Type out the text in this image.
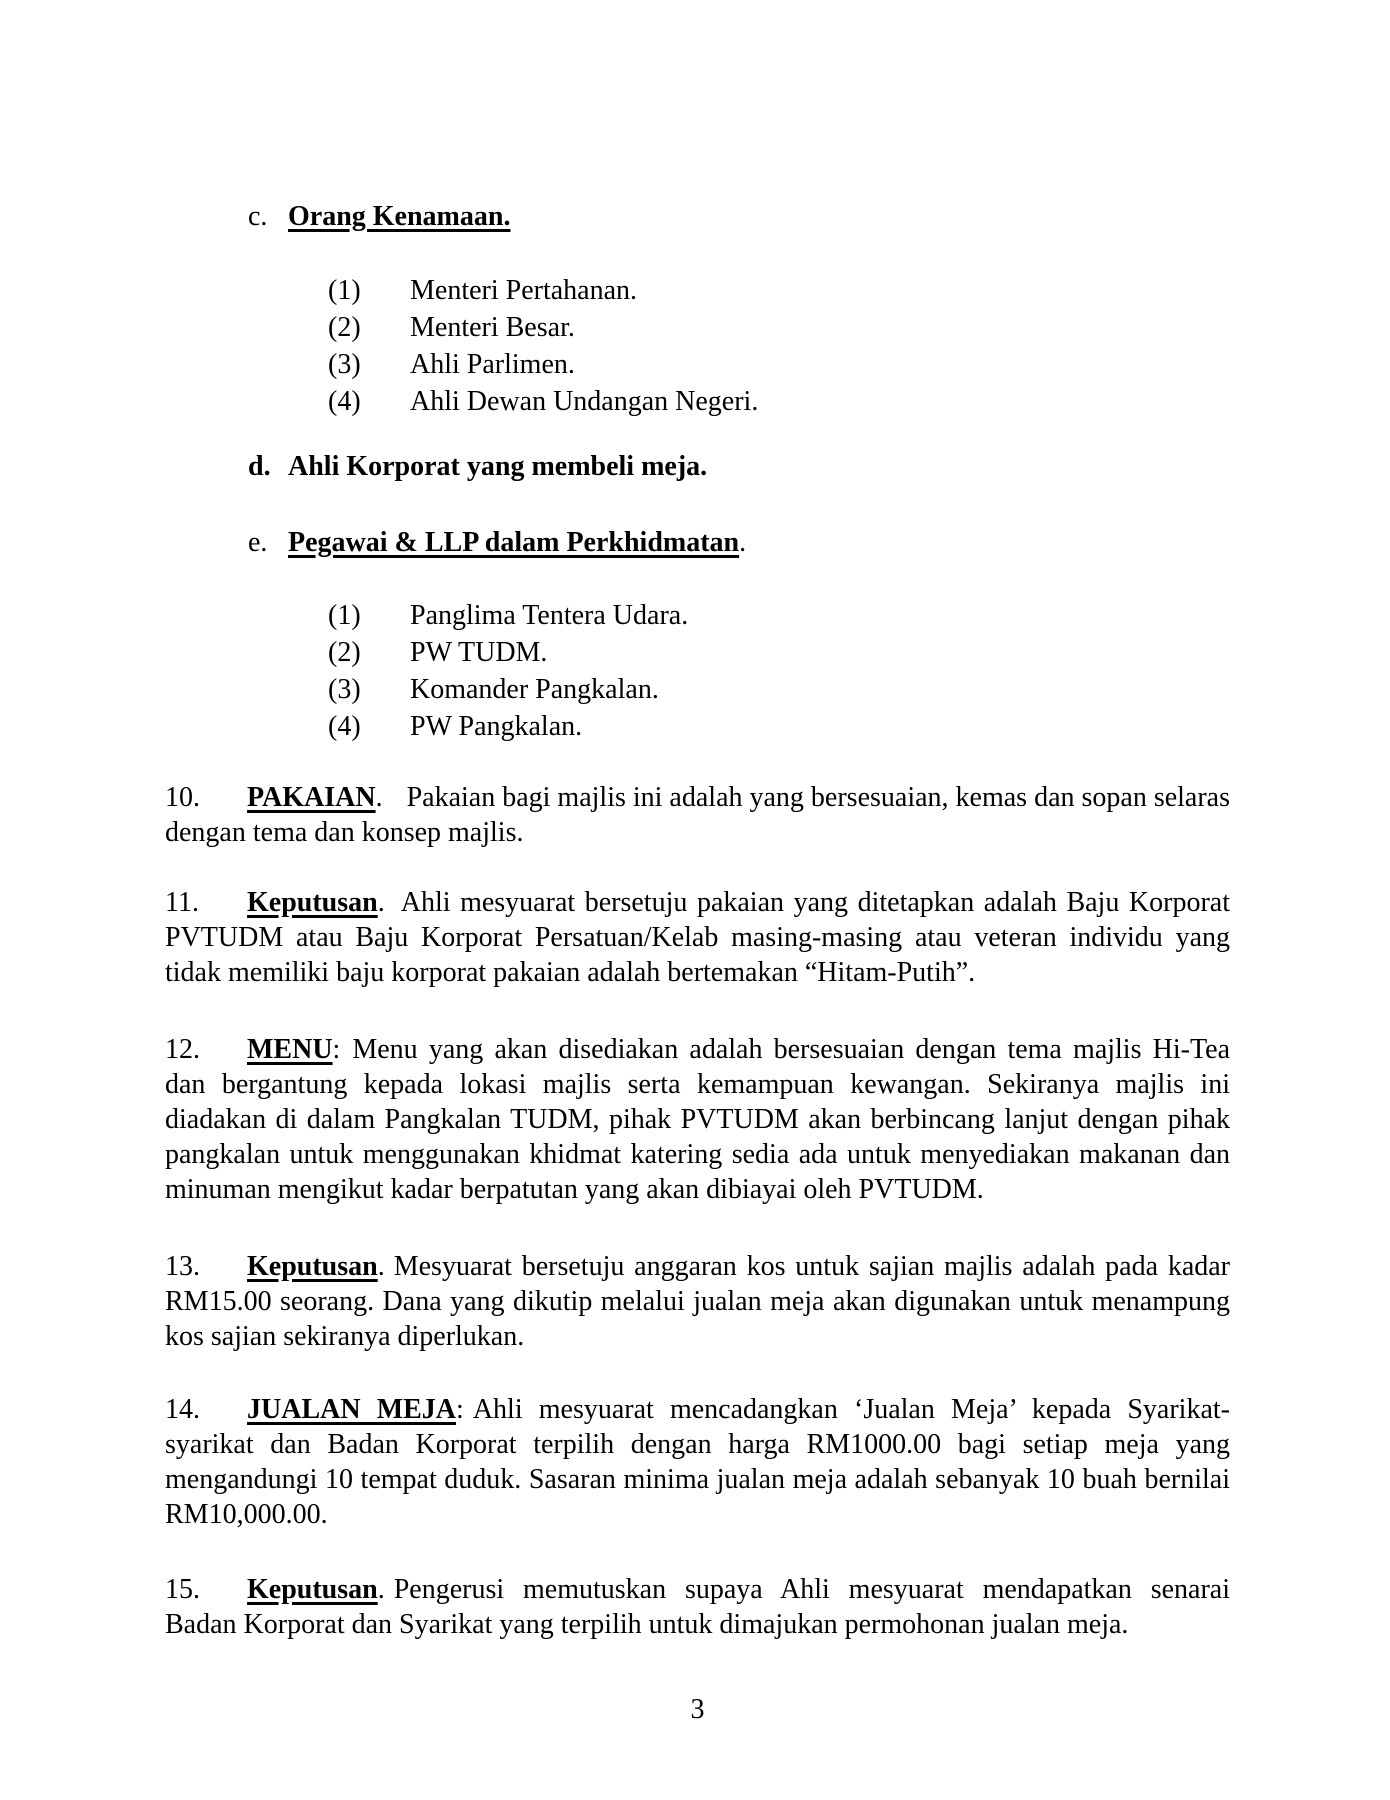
c. Orang Kenamaan.
(1) Menteri Pertahanan.
(2) Menteri Besar.
(3) Ahli Parlimen.
(4) Ahli Dewan Undangan Negeri.
d. Ahli Korporat yang membeli meja.
e. Pegawai & LLP dalam Perkhidmatan.
(1) Panglima Tentera Udara.
(2) PW TUDM.
(3) Komander Pangkalan.
(4) PW Pangkalan.

10. PAKAIAN. Pakaian bagi majlis ini adalah yang bersesuaian, kemas dan sopan selaras dengan tema dan konsep majlis.

11. Keputusan. Ahli mesyuarat bersetuju pakaian yang ditetapkan adalah Baju Korporat PVTUDM atau Baju Korporat Persatuan/Kelab masing-masing atau veteran individu yang tidak memiliki baju korporat pakaian adalah bertemakan “Hitam-Putih”.

12. MENU: Menu yang akan disediakan adalah bersesuaian dengan tema majlis Hi-Tea dan bergantung kepada lokasi majlis serta kemampuan kewangan. Sekiranya majlis ini diadakan di dalam Pangkalan TUDM, pihak PVTUDM akan berbincang lanjut dengan pihak pangkalan untuk menggunakan khidmat katering sedia ada untuk menyediakan makanan dan minuman mengikut kadar berpatutan yang akan dibiayai oleh PVTUDM.

13. Keputusan. Mesyuarat bersetuju anggaran kos untuk sajian majlis adalah pada kadar RM15.00 seorang. Dana yang dikutip melalui jualan meja akan digunakan untuk menampung kos sajian sekiranya diperlukan.

14. JUALAN MEJA: Ahli mesyuarat mencadangkan ‘Jualan Meja’ kepada Syarikat-syarikat dan Badan Korporat terpilih dengan harga RM1000.00 bagi setiap meja yang mengandungi 10 tempat duduk. Sasaran minima jualan meja adalah sebanyak 10 buah bernilai RM10,000.00.

15. Keputusan. Pengerusi memutuskan supaya Ahli mesyuarat mendapatkan senarai Badan Korporat dan Syarikat yang terpilih untuk dimajukan permohonan jualan meja.

3
